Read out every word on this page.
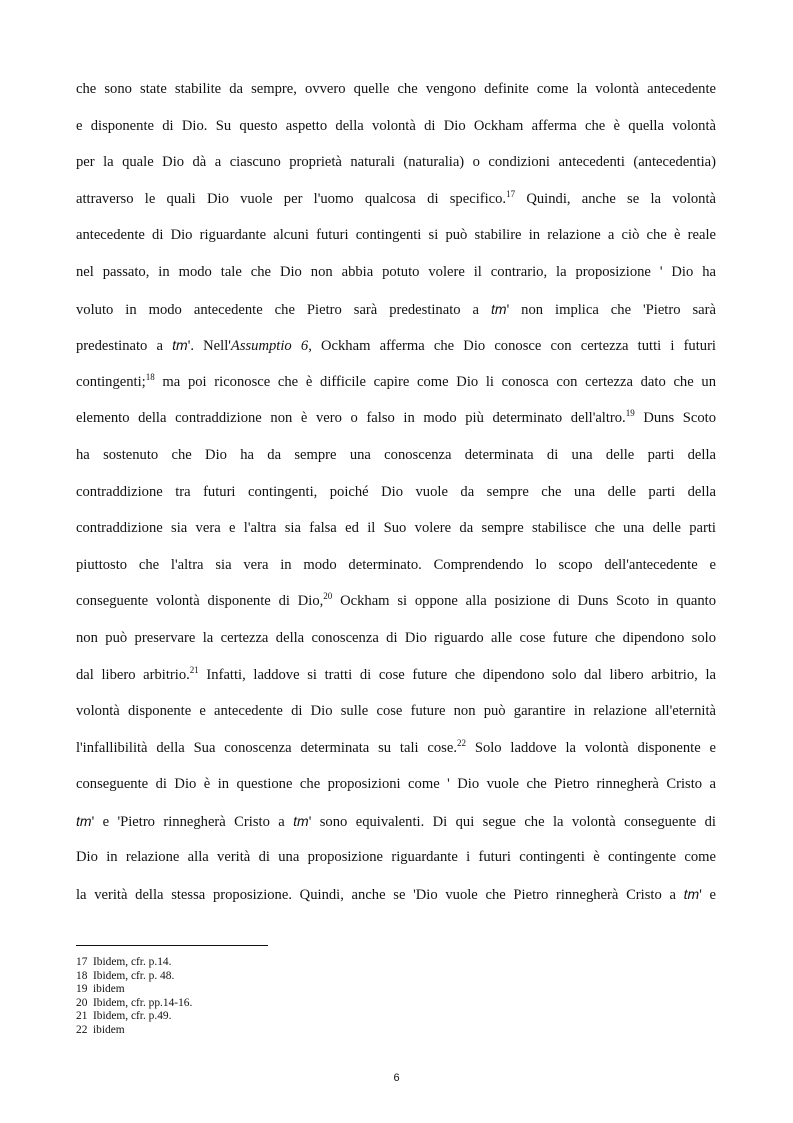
che sono state stabilite da sempre, ovvero quelle che vengono definite come la volontà antecedente
e disponente di Dio. Su questo aspetto della volontà di Dio Ockham afferma che è quella volontà
per la quale Dio dà a ciascuno proprietà naturali (naturalia) o condizioni antecedenti (antecedentia)
attraverso le quali Dio vuole per l'uomo qualcosa di specifico.$^{17}$ Quindi, anche se la volontà
antecedente di Dio riguardante alcuni futuri contingenti si può stabilire in relazione a ciò che è reale
nel passato, in modo tale che Dio non abbia potuto volere il contrario, la proposizione ' Dio ha
voluto in modo antecedente che Pietro sarà predestinato a tm' non implica che 'Pietro sarà
predestinato a tm'. Nell'Assumptio 6, Ockham afferma che Dio conosce con certezza tutti i futuri
contingenti;$^{18}$ ma poi riconosce che è difficile capire come Dio li conosca con certezza dato che un
elemento della contraddizione non è vero o falso in modo più determinato dell'altro.$^{19}$ Duns Scoto
ha sostenuto che Dio ha da sempre una conoscenza determinata di una delle parti della
contraddizione tra futuri contingenti, poiché Dio vuole da sempre che una delle parti della
contraddizione sia vera e l'altra sia falsa ed il Suo volere da sempre stabilisce che una delle parti
piuttosto che l'altra sia vera in modo determinato. Comprendendo lo scopo dell'antecedente e
conseguente volontà disponente di Dio,$^{20}$ Ockham si oppone alla posizione di Duns Scoto in quanto
non può preservare la certezza della conoscenza di Dio riguardo alle cose future che dipendono solo
dal libero arbitrio.$^{21}$ Infatti, laddove si tratti di cose future che dipendono solo dal libero arbitrio, la
volontà disponente e antecedente di Dio sulle cose future non può garantire in relazione all'eternità
l'infallibilità della Sua conoscenza determinata su tali cose.$^{22}$ Solo laddove la volontà disponente e
conseguente di Dio è in questione che proposizioni come ' Dio vuole che Pietro rinnegherà Cristo a
tm' e 'Pietro rinnegherà Cristo a tm' sono equivalenti. Di qui segue che la volontà conseguente di
Dio in relazione alla verità di una proposizione riguardante i futuri contingenti è contingente come
la verità della stessa proposizione. Quindi, anche se 'Dio vuole che Pietro rinnegherà Cristo a tm' e
17 Ibidem, cfr. p.14.
18 Ibidem, cfr. p. 48.
19 ibidem
20 Ibidem, cfr. pp.14-16.
21 Ibidem, cfr. p.49.
22 ibidem
6
